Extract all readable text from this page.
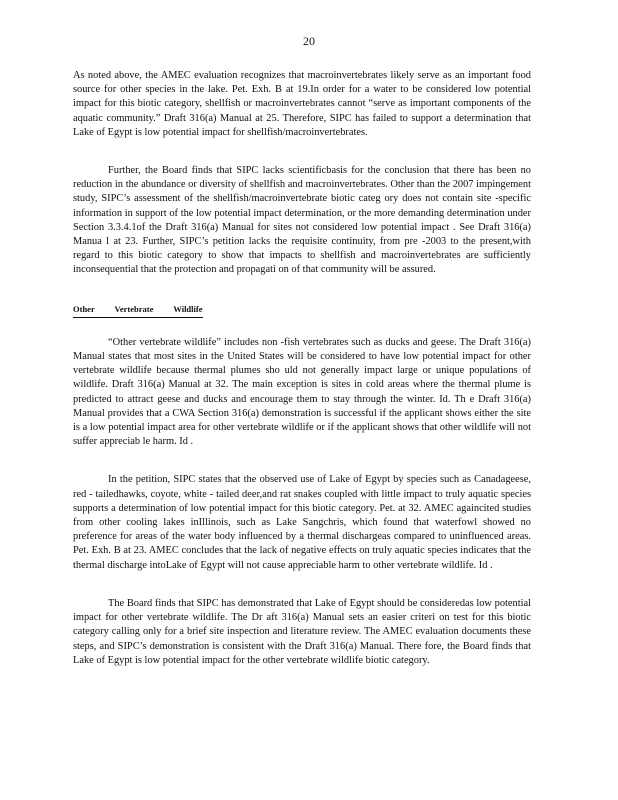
20

As noted above, the AMEC evaluation recognizes that macroinvertebrates likely serve as an important food source for other species in the lake. Pet. Exh. B at 19.In order for a water to be considered low potential impact for this biotic category, shellfish or macroinvertebrates cannot “serve as important components of the aquatic community.” Draft 316(a) Manual at 25. Therefore, SIPC has failed to support a determination that Lake of Egypt is low potential impact for shellfish/macroinvertebrates.

Further, the Board finds that SIPC lacks scientificbasis for the conclusion that there has been no reduction in the abundance or diversity of shellfish and macroinvertebrates. Other than the 2007 impingement study, SIPC’s assessment of the shellfish/macroinvertebrate biotic categ ory does not contain site -specific information in support of the low potential impact determination, or the more demanding determination under Section 3.3.4.1of the Draft 316(a) Manual for sites not considered low potential impact . See Draft 316(a) Manua l at 23. Further, SIPC’s petition lacks the requisite continuity, from pre -2003 to the present,with regard to this biotic category to show that impacts to shellfish and macroinvertebrates are sufficiently inconsequential that the protection and propagati on of that community will be assured.

Other Vertebrate Wildlife

“Other vertebrate wildlife” includes non -fish vertebrates such as ducks and geese. The Draft 316(a) Manual states that most sites in the United States will be considered to have low potential impact for other vertebrate wildlife because thermal plumes sho uld not generally impact large or unique populations of wildlife. Draft 316(a) Manual at 32. The main exception is sites in cold areas where the thermal plume is predicted to attract geese and ducks and encourage them to stay through the winter. Id. Th e Draft 316(a) Manual provides that a CWA Section 316(a) demonstration is successful if the applicant shows either the site is a low potential impact area for other vertebrate wildlife or if the applicant shows that other wildlife will not suffer appreciab le harm. Id .

In the petition, SIPC states that the observed use of Lake of Egypt by species such as Canadageese, red - tailedhawks, coyote, white - tailed deer,and rat snakes coupled with little impact to truly aquatic species supports a determination of low potential impact for this biotic category. Pet. at 32. AMEC againcited studies from other cooling lakes inIllinois, such as Lake Sangchris, which found that waterfowl showed no preference for areas of the water body influenced by a thermal dischargeas compared to uninfluenced areas. Pet. Exh. B at 23. AMEC concludes that the lack of negative effects on truly aquatic species indicates that the thermal discharge intoLake of Egypt will not cause appreciable harm to other vertebrate wildlife. Id .

The Board finds that SIPC has demonstrated that Lake of Egypt should be consideredas low potential impact for other vertebrate wildlife. The Dr aft 316(a) Manual sets an easier criteri on test for this biotic category calling only for a brief site inspection and literature review. The AMEC evaluation documents these steps, and SIPC’s demonstration is consistent with the Draft 316(a) Manual. There fore, the Board finds that Lake of Egypt is low potential impact for the other vertebrate wildlife biotic category.
